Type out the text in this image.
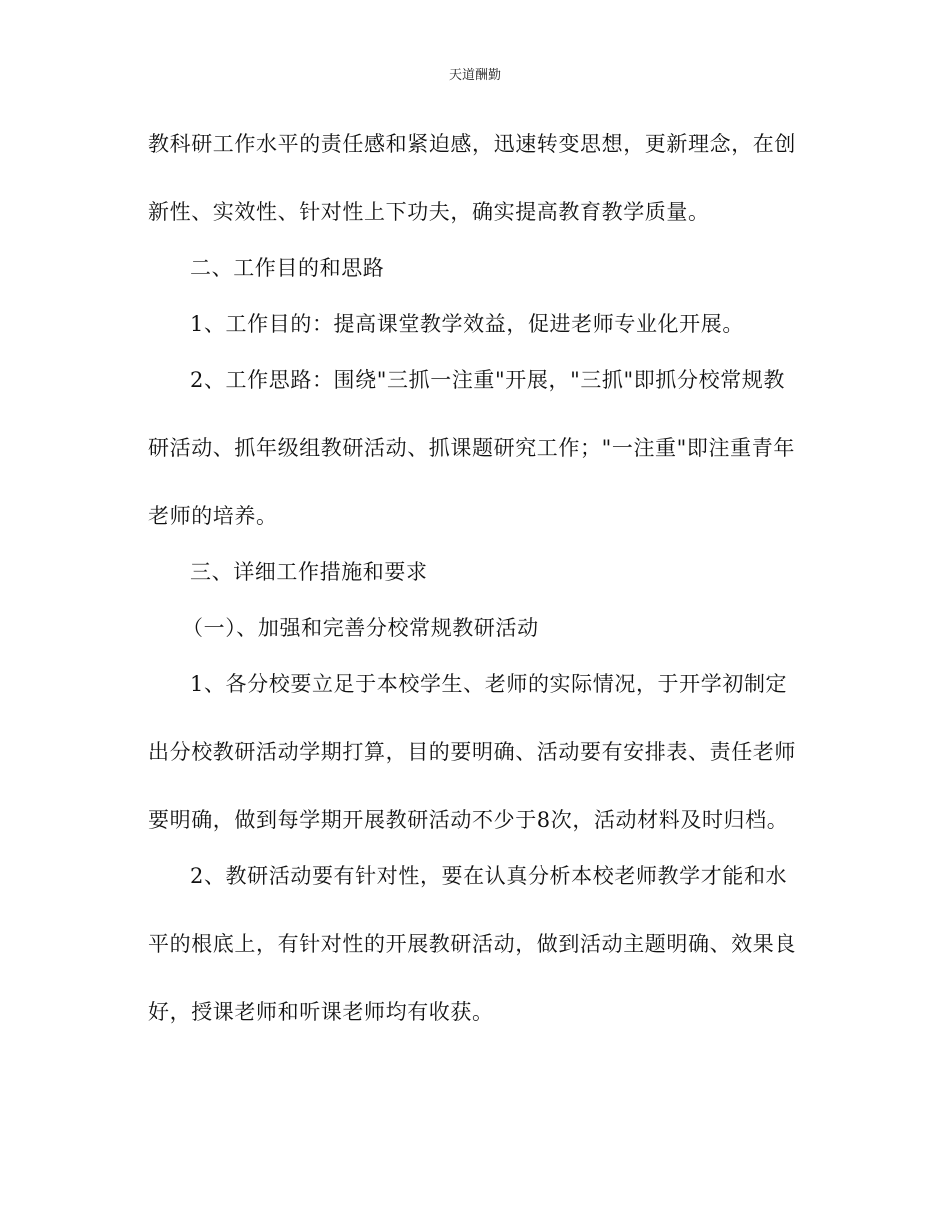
天道酬勤
教科研工作水平的责任感和紧迫感，迅速转变思想，更新理念，在创
新性、实效性、针对性上下功夫，确实提高教育教学质量。
二、工作目的和思路
1、工作目的：提高课堂教学效益，促进老师专业化开展。
2、工作思路：围绕"三抓一注重"开展，"三抓"即抓分校常规教
研活动、抓年级组教研活动、抓课题研究工作；"一注重"即注重青年
老师的培养。
三、详细工作措施和要求
（一）、加强和完善分校常规教研活动
1、各分校要立足于本校学生、老师的实际情况，于开学初制定
出分校教研活动学期打算，目的要明确、活动要有安排表、责任老师
要明确，做到每学期开展教研活动不少于8次，活动材料及时归档。
2、教研活动要有针对性，要在认真分析本校老师教学才能和水
平的根底上，有针对性的开展教研活动，做到活动主题明确、效果良
好，授课老师和听课老师均有收获。
